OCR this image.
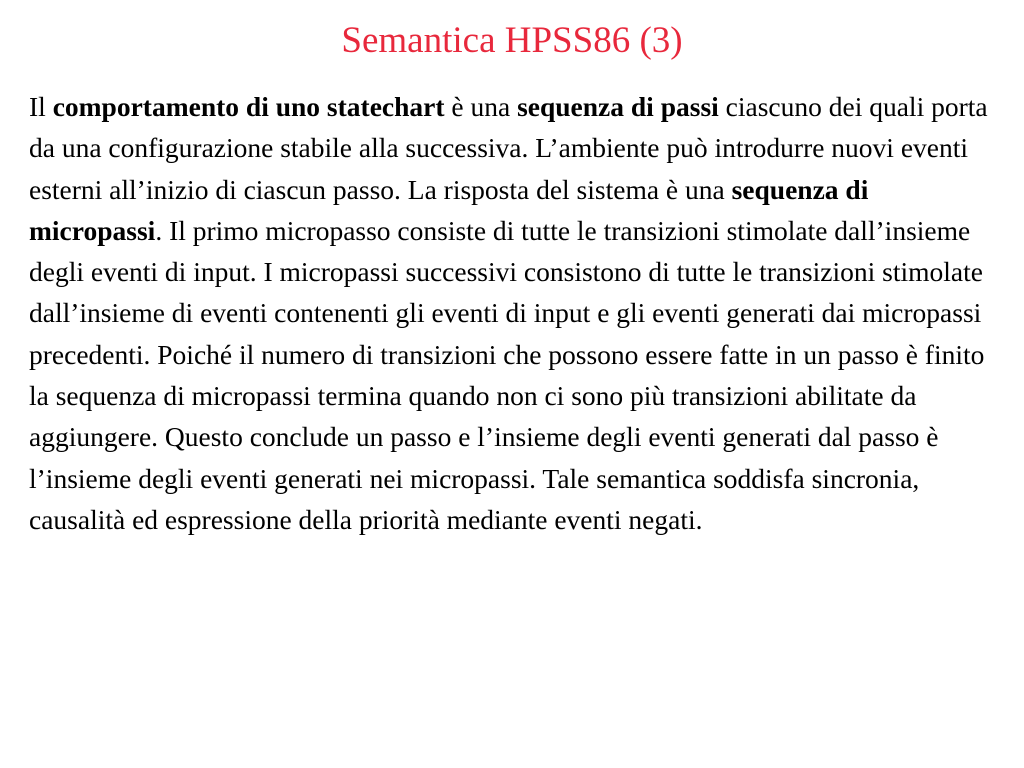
Semantica HPSS86 (3)

Il comportamento di uno statechart è una sequenza di passi ciascuno dei quali porta da una configurazione stabile alla successiva. L’ambiente può introdurre nuovi eventi esterni all’inizio di ciascun passo. La risposta del sistema è una sequenza di micropassi. Il primo micropasso consiste di tutte le transizioni stimolate dall’insieme degli eventi di input. I micropassi successivi consistono di tutte le transizioni stimolate dall’insieme di eventi contenenti gli eventi di input e gli eventi generati dai micropassi precedenti. Poiché il numero di transizioni che possono essere fatte in un passo è finito la sequenza di micropassi termina quando non ci sono più transizioni abilitate da aggiungere. Questo conclude un passo e l’insieme degli eventi generati dal passo è l’insieme degli eventi generati nei micropassi. Tale semantica soddisfa sincronia, causalità ed espressione della priorità mediante eventi negati.
